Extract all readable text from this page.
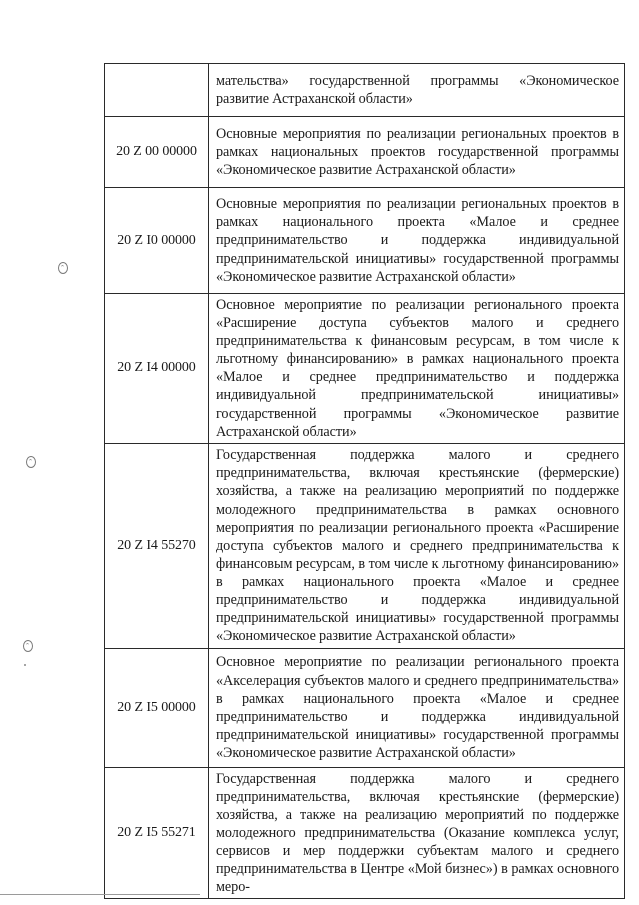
	мательства» государственной программы «Экономическое развитие Астраханской области»
20 Z 00 00000	Основные мероприятия по реализации региональных проектов в рамках национальных проектов государственной программы «Экономическое развитие Астраханской области»
20 Z I0 00000	Основные мероприятия по реализации региональных проектов в рамках национального проекта «Малое и среднее предпринимательство и поддержка индивидуальной предпринимательской инициативы» государственной программы «Экономическое развитие Астраханской области»
20 Z I4 00000	Основное мероприятие по реализации регионального проекта «Расширение доступа субъектов малого и среднего предпринимательства к финансовым ресурсам, в том числе к льготному финансированию» в рамках национального проекта «Малое и среднее предпринимательство и поддержка индивидуальной предпринимательской инициативы» государственной программы «Экономическое развитие Астраханской области»
20 Z I4 55270	Государственная поддержка малого и среднего предпринимательства, включая крестьянские (фермерские) хозяйства, а также на реализацию мероприятий по поддержке молодежного предпринимательства в рамках основного мероприятия по реализации регионального проекта «Расширение доступа субъектов малого и среднего предпринимательства к финансовым ресурсам, в том числе к льготному финансированию» в рамках национального проекта «Малое и среднее предпринимательство и поддержка индивидуальной предпринимательской инициативы» государственной программы «Экономическое развитие Астраханской области»
20 Z I5 00000	Основное мероприятие по реализации регионального проекта «Акселерация субъектов малого и среднего предпринимательства» в рамках национального проекта «Малое и среднее предпринимательство и поддержка индивидуальной предпринимательской инициативы» государственной программы «Экономическое развитие Астраханской области»
20 Z I5 55271	Государственная поддержка малого и среднего предпринимательства, включая крестьянские (фермерские) хозяйства, а также на реализацию мероприятий по поддержке молодежного предпринимательства (Оказание комплекса услуг, сервисов и мер поддержки субъектам малого и среднего предпринимательства в Центре «Мой бизнес») в рамках основного меро-
